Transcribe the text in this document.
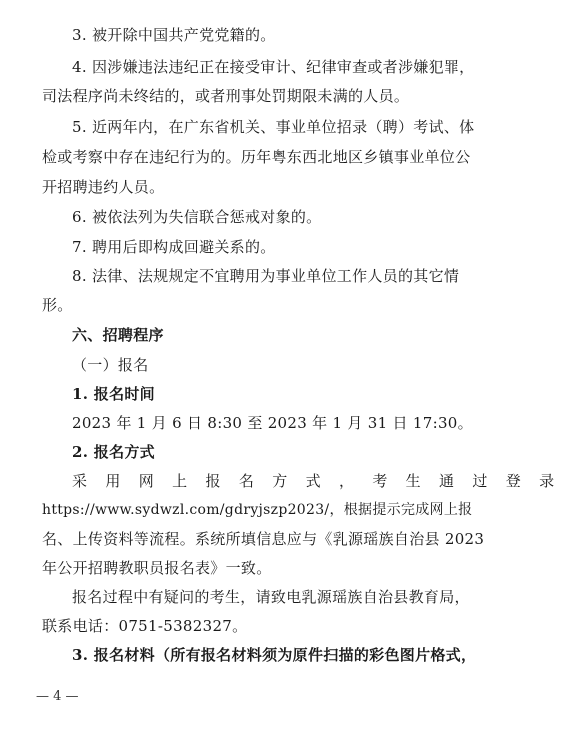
3. 被开除中国共产党党籍的。
4. 因涉嫌违法违纪正在接受审计、纪律审查或者涉嫌犯罪，
司法程序尚未终结的，或者刑事处罚期限未满的人员。
5. 近两年内，在广东省机关、事业单位招录（聘）考试、体
检或考察中存在违纪行为的。历年粤东西北地区乡镇事业单位公
开招聘违约人员。
6. 被依法列为失信联合惩戒对象的。
7. 聘用后即构成回避关系的。
8. 法律、法规规定不宜聘用为事业单位工作人员的其它情
形。
六、招聘程序
（一）报名
1. 报名时间
2023 年 1 月 6 日 8:30 至 2023 年 1 月 31 日 17:30。
2. 报名方式
采 用 网 上 报 名 方 式 ， 考 生 通 过 登 录
https://www.sydwzl.com/gdryjszp2023/，根据提示完成网上报
名、上传资料等流程。系统所填信息应与《乳源瑶族自治县 2023
年公开招聘教职员报名表》一致。
报名过程中有疑问的考生，请致电乳源瑶族自治县教育局，
联系电话：0751-5382327。
3. 报名材料（所有报名材料须为原件扫描的彩色图片格式，
— 4 —
